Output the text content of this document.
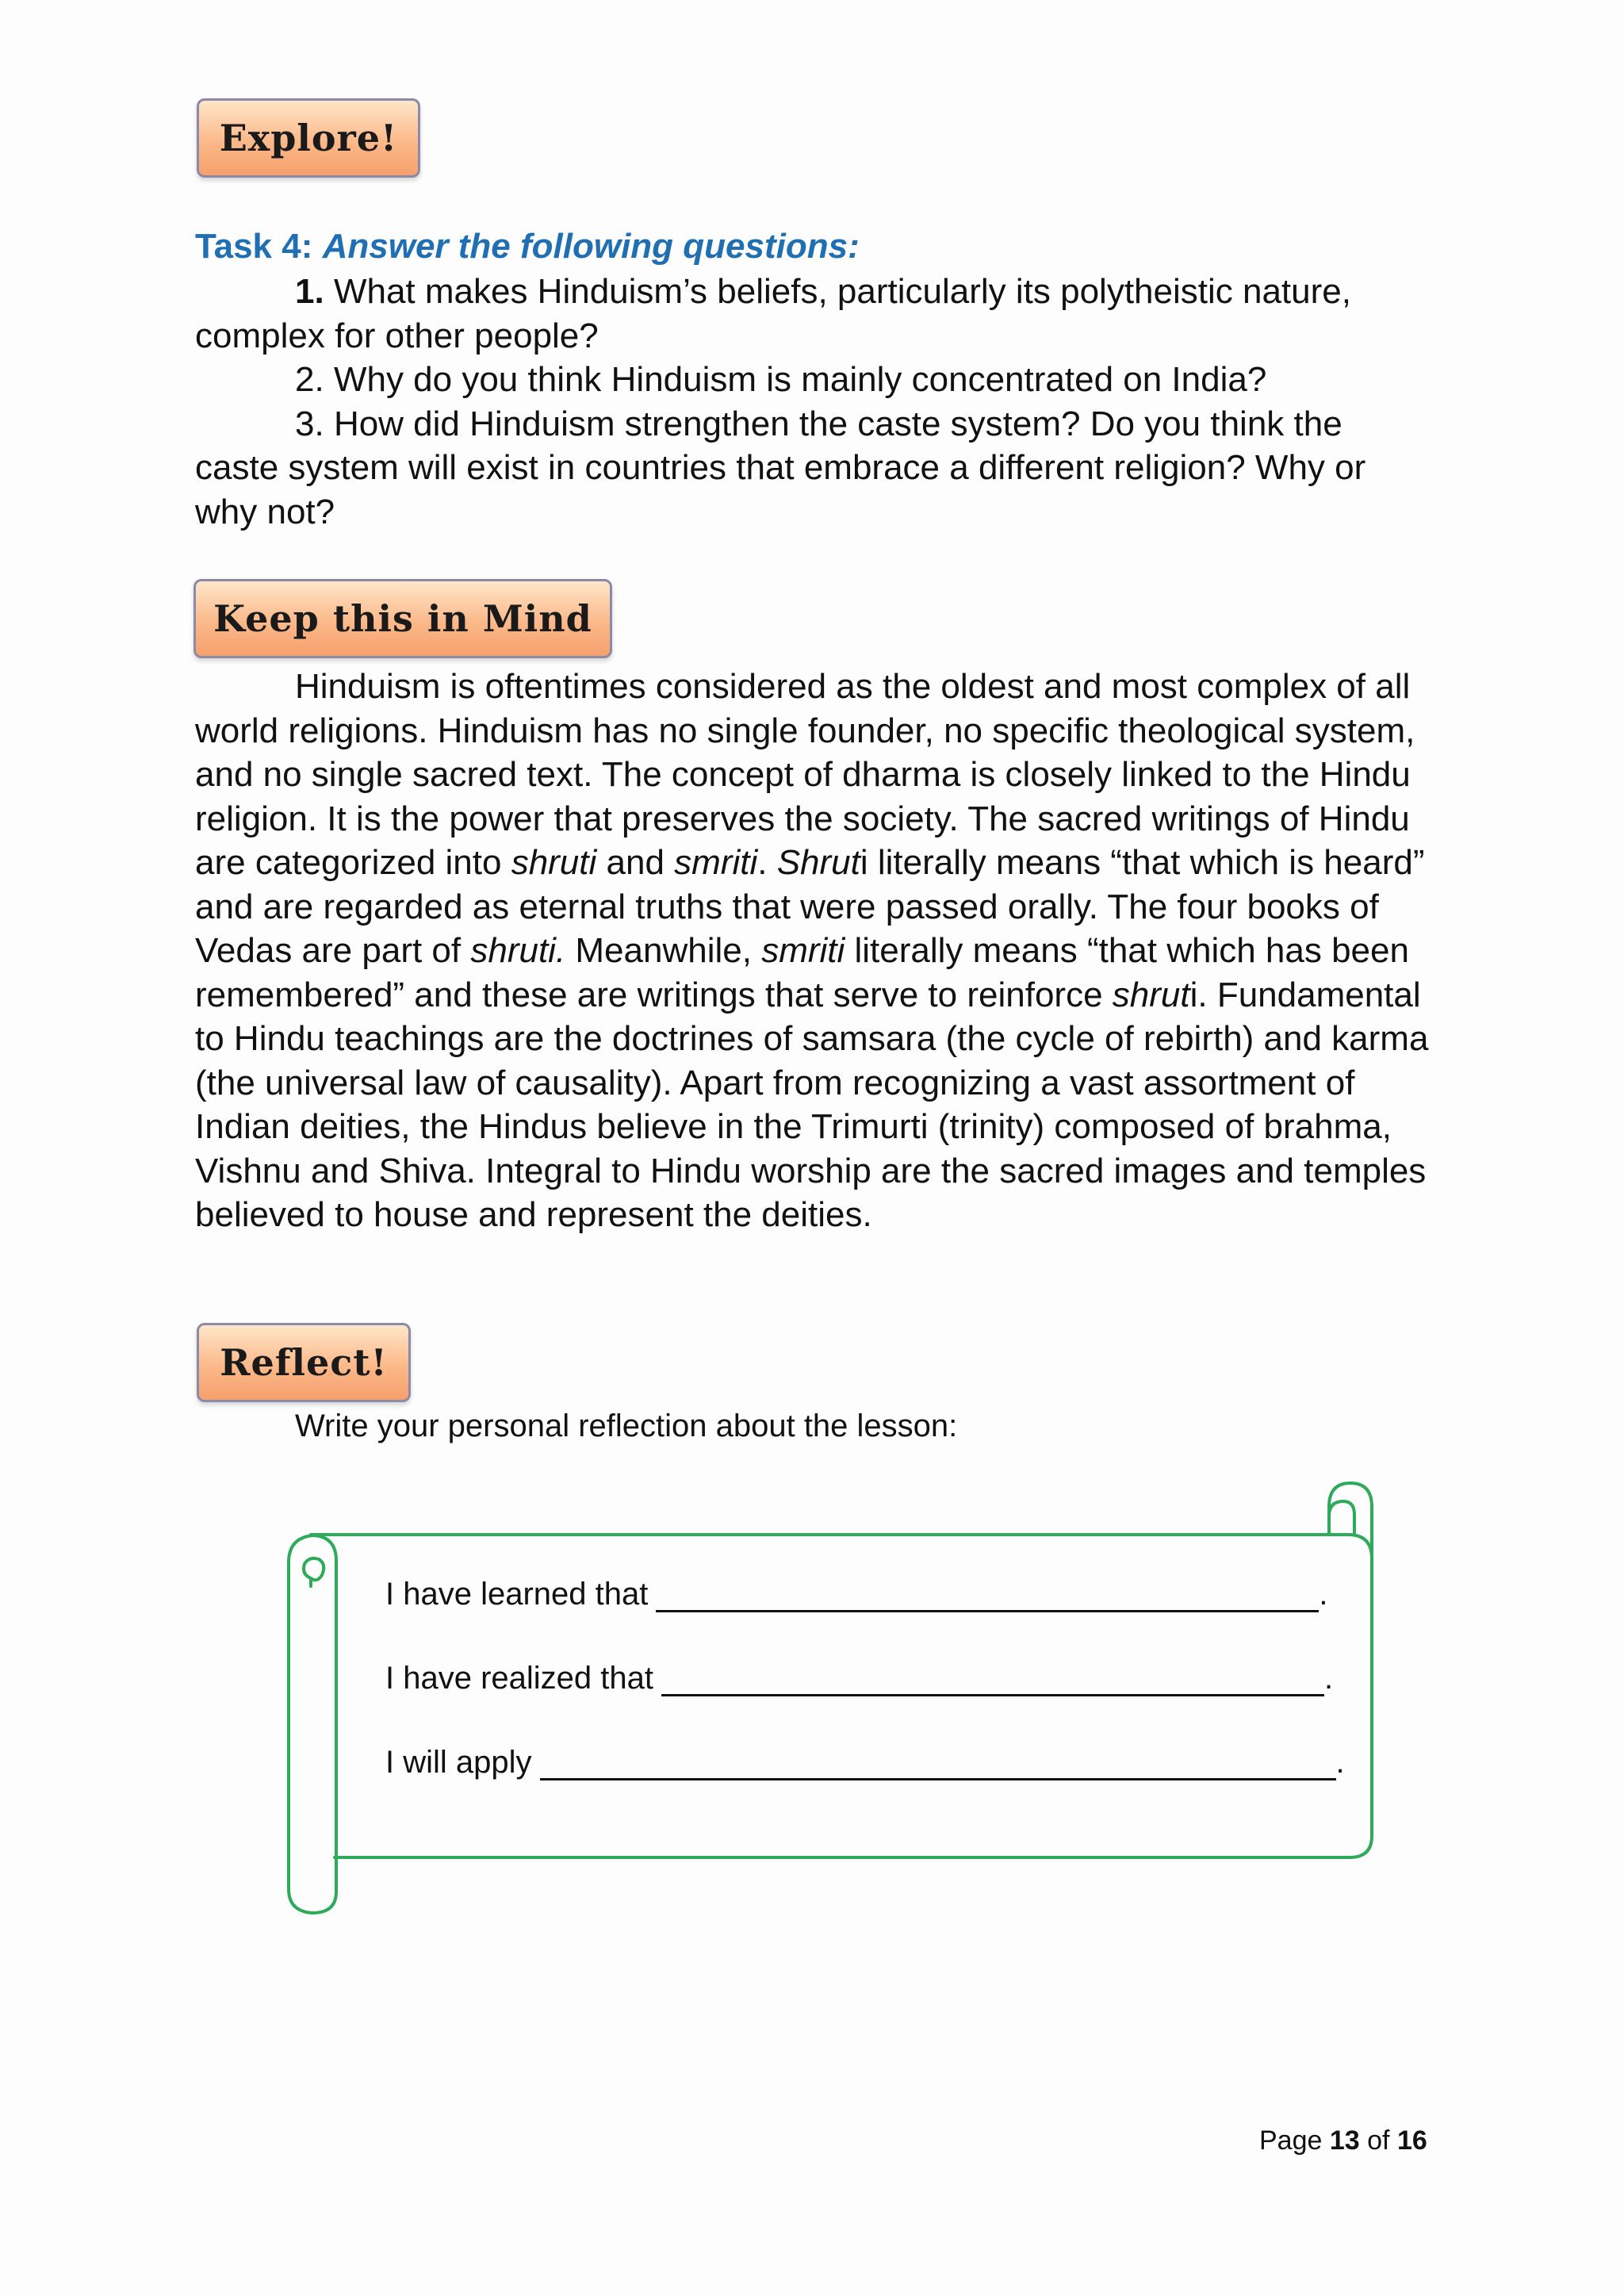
Explore!
Task 4: Answer the following questions:

1. What makes Hinduism’s beliefs, particularly its polytheistic nature, complex for other people?

2. Why do you think Hinduism is mainly concentrated on India?

3. How did Hinduism strengthen the caste system? Do you think the caste system will exist in countries that embrace a different religion? Why or why not?

Keep this in Mind

Hinduism is oftentimes considered as the oldest and most complex of all world religions. Hinduism has no single founder, no specific theological system, and no single sacred text. The concept of dharma is closely linked to the Hindu religion. It is the power that preserves the society. The sacred writings of Hindu are categorized into shruti and smriti. Shruti literally means “that which is heard” and are regarded as eternal truths that were passed orally. The four books of Vedas are part of shruti. Meanwhile, smriti literally means “that which has been remembered” and these are writings that serve to reinforce shruti. Fundamental to Hindu teachings are the doctrines of samsara (the cycle of rebirth) and karma (the universal law of causality). Apart from recognizing a vast assortment of Indian deities, the Hindus believe in the Trimurti (trinity) composed of brahma, Vishnu and Shiva. Integral to Hindu worship are the sacred images and temples believed to house and represent the deities.

Reflect!

Write your personal reflection about the lesson:

I have learned that	.
I have realized that	.
I will apply	.
Page 13 of 16
